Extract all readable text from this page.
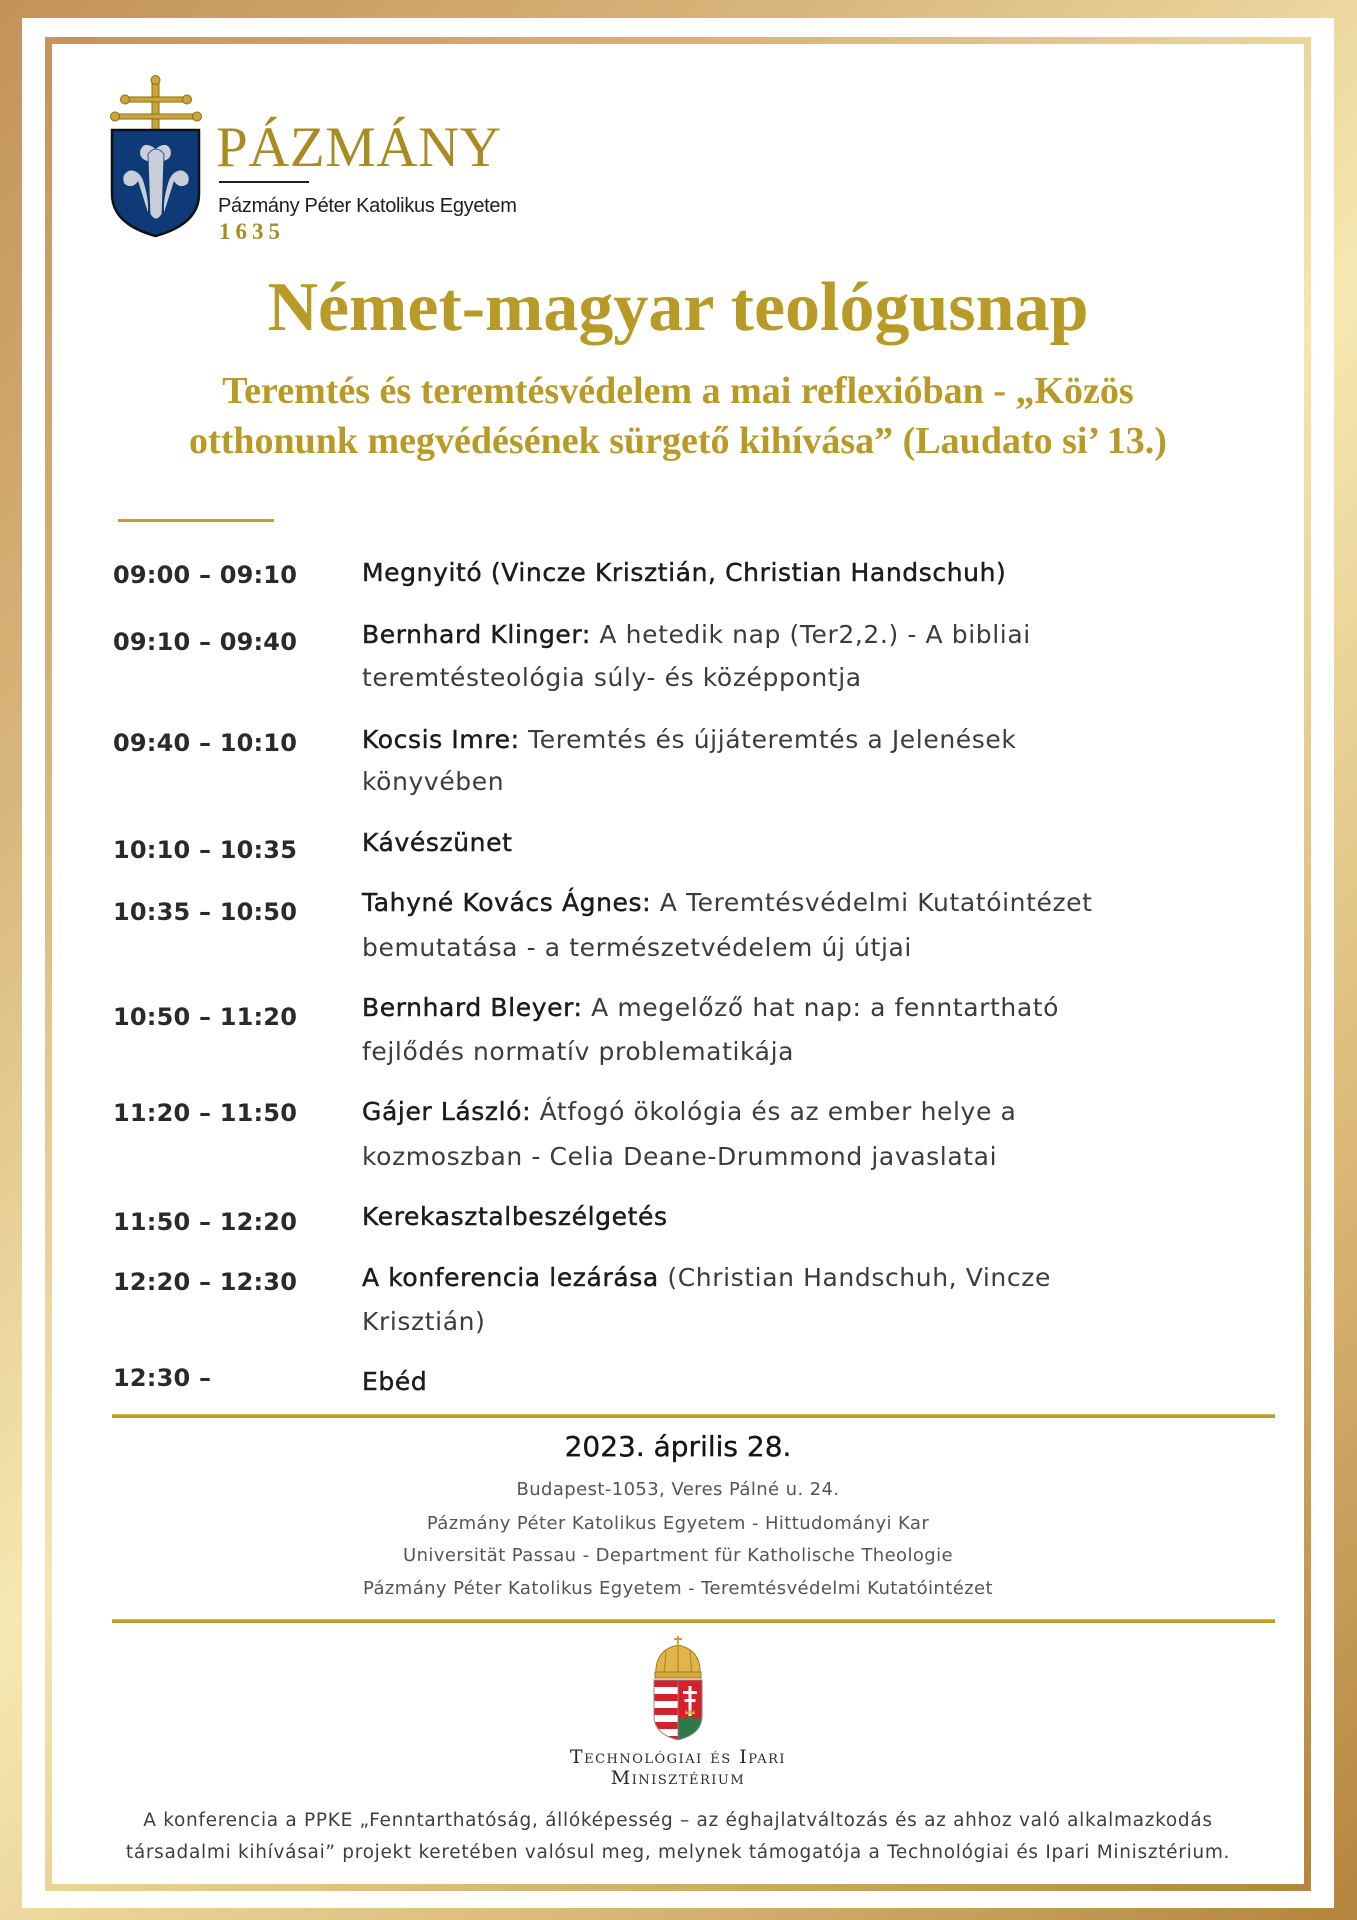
PÁZMÁNY
Pázmány Péter Katolikus Egyetem
1635
Német-magyar teológusnap
Teremtés és teremtésvédelem a mai reflexióban - „Közös
otthonunk megvédésének sürgető kihívása” (Laudato si’ 13.)
09:00 – 09:10	Megnyitó (Vincze Krisztián, Christian Handschuh)
09:10 – 09:40	Bernhard Klinger: A hetedik nap (Ter2,2.) - A bibliai
teremtésteológia súly- és középpontja
09:40 – 10:10	Kocsis Imre: Teremtés és újjáteremtés a Jelenések
könyvében
10:10 – 10:35	Kávészünet
10:35 – 10:50	Tahyné Kovács Ágnes: A Teremtésvédelmi Kutatóintézet
bemutatása - a természetvédelem új útjai
10:50 – 11:20	Bernhard Bleyer: A megelőző hat nap: a fenntartható
fejlődés normatív problematikája
11:20 – 11:50	Gájer László: Átfogó ökológia és az ember helye a
kozmoszban - Celia Deane-Drummond javaslatai
11:50 – 12:20	Kerekasztalbeszélgetés
12:20 – 12:30	A konferencia lezárása (Christian Handschuh, Vincze
Krisztián)
12:30 –	Ebéd
2023. április 28.
Budapest-1053, Veres Pálné u. 24.
Pázmány Péter Katolikus Egyetem - Hittudományi Kar
Universität Passau - Department für Katholische Theologie
Pázmány Péter Katolikus Egyetem - Teremtésvédelmi Kutatóintézet
Technológiai és Ipari
Minisztérium
A konferencia a PPKE „Fenntarthatóság, állóképesség – az éghajlatváltozás és az ahhoz való alkalmazkodás
társadalmi kihívásai” projekt keretében valósul meg, melynek támogatója a Technológiai és Ipari Minisztérium.
